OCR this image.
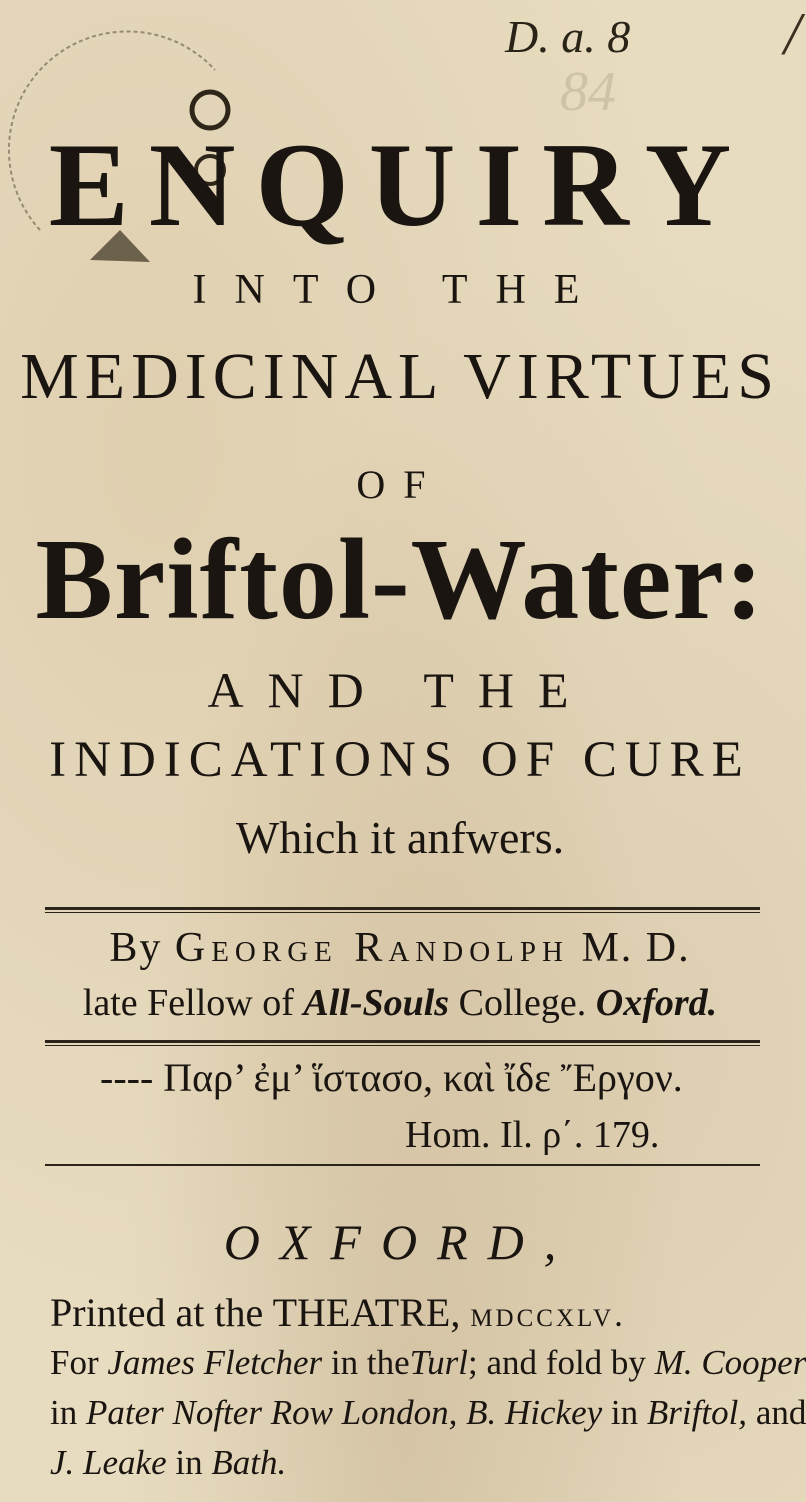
D. a. 8
84
/
ENQUIRY
INTO THE
MEDICINAL VIRTUES
OF
Briftol-Water:
AND THE
INDICATIONS OF CURE
Which it anfwers.
By George Randolph M. D.
late Fellow of All-Souls College. Oxford.
---- Παρ’ ἐμ’ ἵστασο, καὶ ἴδε Ἔργον.
Hom. Il. ρ΄. 179.
OXFORD,
Printed at the THEATRE, mdccxlv.
For James Fletcher in theTurl; and fold by M. Cooper
in Pater Nofter Row London, B. Hickey in Briftol, and
J. Leake in Bath.
